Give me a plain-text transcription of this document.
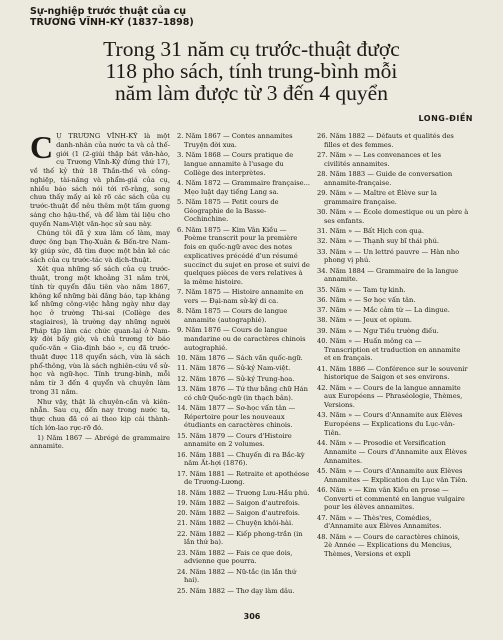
Sự-nghiệp trước thuật của cụ
TRƯƠNG VĨNH-KÝ (1837–1898)
Trong 31 năm cụ trước-thuật được
118 pho sách, tính trung-bình mỗi
năm làm được từ 3 đến 4 quyển
LONG-ĐIỀN
C Ụ TRƯƠNG VĨNH-KÝ là một danh-nhân của nước ta và cả thế-giới (1 (2-giúi thập bát văn-hào, cụ Trương Vĩnh-Ký đứng thứ 17), về thế kỷ thứ 18 Thần-thế và công-nghiệp, tài-năng và phẩm-giá của cụ, nhiều báo sách nói tới rõ-ràng, song chưa thấy mấy ai kê rõ các sách của cụ trước-thuật để nêu thêm một tấm gương sáng cho hậu-thế, và để làm tài liệu cho quyển Nam-Việt văn-học sử sau này.

Chúng tôi đã ý xưa lâm cố làm, may được ông bạn Thọ-Xuân & Bến-tre Nam-kỳ giúp sức, đã tìm được một bản kê các sách của cụ trước-tác và dịch-thuật.

Xét qua những số sách của cụ trước-thuật, trong một khoảng 31 năm trời, tính từ quyển đầu tiên vào năm 1867, không kể những bài đăng báo, tạp kháng kể những công-việc hằng ngày như dạy học ở trường Thi-sai (Collège des stagiaires), là trường dạy những người Pháp tập làm các chức quan-lại ở Nam-kỳ đời bấy giờ, và chủ trương tờ báo quốc-văn « Gia-định báo », cụ đã trước-thuật được 118 quyển sách, vừa là sách phổ-thông, vừa là sách nghiên-cứu về sử-học và ngữ-học. Tính trung-bình, mỗi năm từ 3 đến 4 quyển và chuyên làm trong 31 năm.

Như vậy, thật là chuyên-cần và kiên-nhẫn. Sau cụ, đến nay trong nước ta, thực chưa đã có ai theo kịp cái thành-tích lớn-lao rực-rỡ đó.

1) Năm 1867 — Abrégé de grammaire annamite.

2. Năm 1867 — Contes annamites Truyện đời xưa.
3. Năm 1868 — Cours pratique de langue annamite à l'usage du Collège des interprètes.
4. Năm 1872 — Grammaire française... Mẹo luật dạy tiếng Lang sa.
5. Năm 1875 — Petit cours de Géographie de la Basse-Cochinchine.
6. Năm 1875 — Kim Vân Kiều — Poème transcrit pour la première fois en quốc-ngữ avec des notes explicatives précédé d'un résumé succinct du sujet en prose et suivi de quelques pièces de vers relatives à la même histoire.
7. Năm 1875 — Histoire annamite en vers — Đại-nam sử-ký di ca.
8. Năm 1875 — Cours de langue annamite (autographié).
9. Năm 1876 — Cours de langue mandarine ou de caractères chinois autographié.
10. Năm 1876 — Sách vần quốc-ngữ.
11. Năm 1876 — Sử-ký Nam-việt.
12. Năm 1876 — Sử-ký Trung-hoa.
13. Năm 1876 — Tứ thư bằng chữ Hán có chữ Quốc-ngữ (in thạch bản).
14. Năm 1877 — Sơ-học vấn tân — Répertoire pour les nouveaux étudiants en caractères chinois.
15. Năm 1879 — Cours d'Histoire annamite en 2 volumes.
16. Năm 1881 — Chuyến đi ra Bắc-kỳ năm Ất-hợi (1876).
17. Năm 1881 — Retraite et apothéose de Trương-Lương.
18. Năm 1882 — Trương Lưu-Hầu phú.
19. Năm 1882 — Saigon d'autrefois.
20. Năm 1882 — Saigon d'autrefois.
21. Năm 1882 — Chuyện khôi-hài.
22. Năm 1882 — Kiếp phong-trần (in lần thứ ba).
23. Năm 1882 — Fais ce que dois, advienne que pourra.
24. Năm 1882 — Nữ-tắc (in lần thứ hai).
25. Năm 1882 — Thơ dạy làm dâu.
26. Năm 1882 — Défauts et qualités des filles et des femmes.
27. Năm » — Les convenances et les civilités annamites.
28. Năm 1883 — Guide de conversation annamite-française.
29. Năm » — Maître et Élève sur la grammaire française.
30. Năm » — École domestique ou un père à ses enfants.
31. Năm » — Bất Hịch con quạ.
32. Năm » — Thạnh suy bĩ thái phú.
33. Năm » — Un lettré pauvre — Hàn nho phong vị phú.
34. Năm 1884 — Grammaire de la langue annamite.
35. Năm » — Tam tự kinh.
36. Năm » — Sơ học vấn tân.
37. Năm » — Mắc cảm từ — La dingue.
38. Năm » — Jeux et opium.
39. Năm » — Ngư Tiều trường điếu.
40. Năm » — Huấn mông ca — Transcription et traduction en annamite et en français.
41. Năm 1886 — Conférence sur le souvenir historique de Saigon et ses environs.
42. Năm » — Cours de la langue annamite aux Européens — Phraséologie, Thèmes, Versions.
43. Năm » — Cours d'Annamite aux Élèves Européens — Explications du Lục-vân-Tiên.
44. Năm » — Prosodie et Versification Annamite — Cours d'Annamite aux Élèves Annamites.
45. Năm » — Cours d'Annamite aux Élèves Annamites — Explication du Lục vân Tiên.
46. Năm » — Kim vân Kiều en prose — Converti et commenté en langue vulgaire pour les élèves annamites.
47. Năm » — Thès'res, Comédies, d'Annamite aux Élèves Annamites.
48. Năm » — Cours de caractères chinois, 2è Année — Explications du Mencius, Thèmes, Versions et expli
306
